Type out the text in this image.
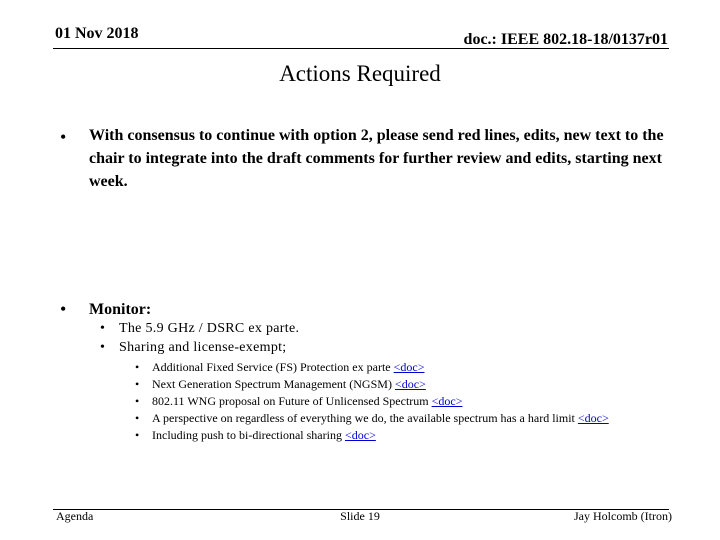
01 Nov 2018	doc.: IEEE 802.18-18/0137r01
Actions Required
• With consensus to continue with option 2, please send red lines, edits, new text to the chair to integrate into the draft comments for further review and edits, starting next week.
• Monitor:
• The 5.9 GHz / DSRC ex parte.
• Sharing and license-exempt;
• Additional Fixed Service (FS) Protection ex parte <doc>
• Next Generation Spectrum Management (NGSM) <doc>
• 802.11 WNG proposal on Future of Unlicensed Spectrum <doc>
• A perspective on regardless of everything we do, the available spectrum has a hard limit <doc>
• Including push to bi-directional sharing <doc>
Agenda	Slide 19	Jay Holcomb (Itron)
